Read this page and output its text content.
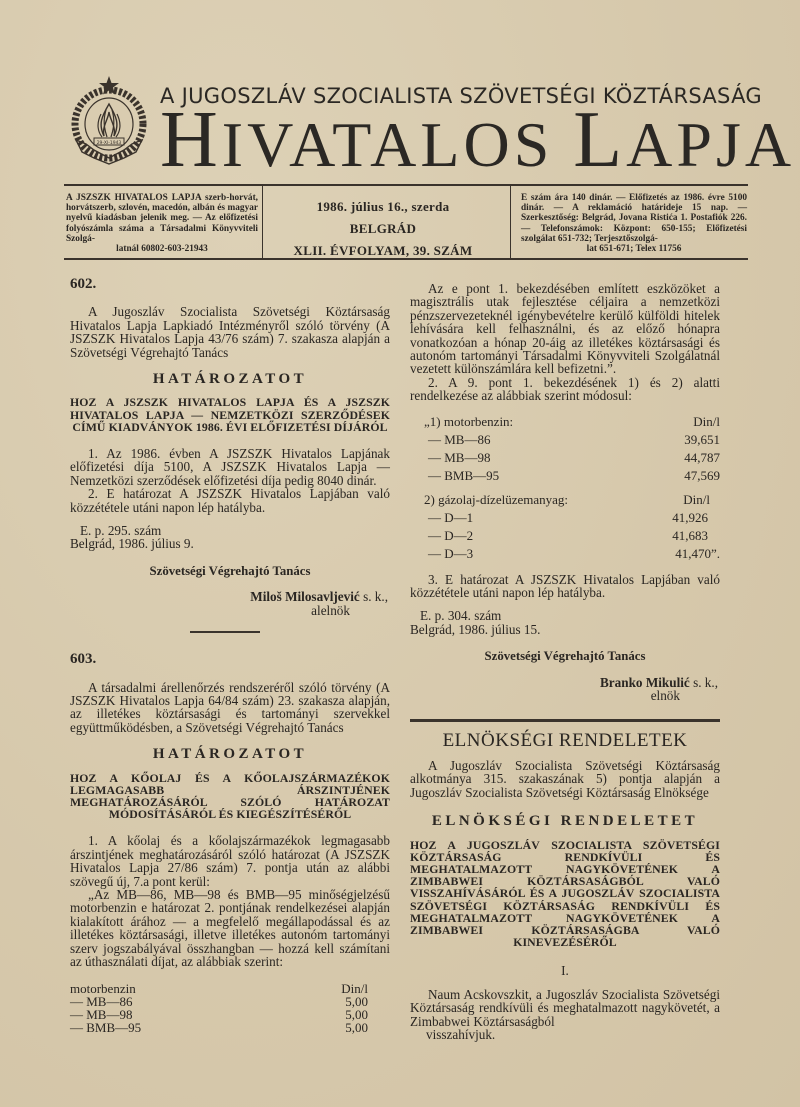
29-XI-1943
A JUGOSZLÁV SZOCIALISTA SZÖVETSÉGI KÖZTÁRSASÁG
HIVATALOS LAPJA
A JSZSZK HIVATALOS LAPJA szerb-horvát, horvátszerb, szlovén, macedón, albán és magyar nyelvű kiadásban jelenik meg. — Az előfizetési folyószámla száma a Társadalmi Könyvviteli Szolgá-
latnál 60802-603-21943
1986. július 16., szerda
BELGRÁD
XLII. ÉVFOLYAM, 39. SZÁM
E szám ára 140 dinár. — Előfizetés az 1986. évre 5100 dinár. — A reklamáció határideje 15 nap. — Szerkesztőség: Belgrád, Jovana Ristića 1. Postafiók 226. — Telefonszámok: Központ: 650-155; Előfizetési szolgálat 651-732; Terjesztőszolgá-
lat 651-671; Telex 11756
602.

A Jugoszláv Szocialista Szövetségi Köztársaság Hivatalos Lapja Lapkiadó Intézményről szóló törvény (A JSZSZK Hivatalos Lapja 43/76 szám) 7. szakasza alapján a Szövetségi Végrehajtó Tanács

HATÁROZATOT
HOZ A JSZSZK HIVATALOS LAPJA ÉS A JSZSZK HIVATALOS LAPJA — NEMZETKÖZI SZERZŐDÉSEK CÍMŰ KIADVÁNYOK 1986. ÉVI ELŐFIZETÉSI DÍJÁRÓL

1. Az 1986. évben A JSZSZK Hivatalos Lapjának előfizetési díja 5100, A JSZSZK Hivatalos Lapja — Nemzetközi szerződések előfizetési díja pedig 8040 dinár.

2. E határozat A JSZSZK Hivatalos Lapjában való közzététele utáni napon lép hatályba.

E. p. 295. szám

Belgrád, 1986. július 9.

Szövetségi Végrehajtó Tanács
Miloš Milosavljević s. k.,
alelnök
603.

A társadalmi árellenőrzés rendszeréről szóló törvény (A JSZSZK Hivatalos Lapja 64/84 szám) 23. szakasza alapján, az illetékes köztársasági és tartományi szervekkel együttműködésben, a Szövetségi Végrehajtó Tanács

HATÁROZATOT
HOZ A KŐOLAJ ÉS A KŐOLAJSZÁRMAZÉKOK LEGMAGASABB ÁRSZINTJÉNEK MEGHATÁROZÁSÁRÓL SZÓLÓ HATÁROZAT MÓDOSÍTÁSÁRÓL ÉS KIEGÉSZÍTÉSÉRŐL

1. A kőolaj és a kőolajszármazékok legmagasabb árszintjének meghatározásáról szóló határozat (A JSZSZK Hivatalos Lapja 27/86 szám) 7. pontja után az alábbi szövegű új, 7.a pont kerül:

„Az MB—86, MB—98 és BMB—95 minőségjelzésű motorbenzin e határozat 2. pontjának rendelkezései alapján kialakított árához — a megfelelő megállapodással és az illetékes köztársasági, illetve illetékes autonóm tartományi szerv jogszabályával összhangban — hozzá kell számítani az úthasználati díjat, az alábbiak szerint:

motorbenzin	Din/l
— MB—86	5,00
— MB—98	5,00
— BMB—95	5,00

Az e pont 1. bekezdésében említett eszközöket a magisztrális utak fejlesztése céljaira a nemzetközi pénzszervezeteknél igénybevételre kerülő külföldi hitelek lehívására kell felhasználni, és az előző hónapra vonatkozóan a hónap 20-áig az illetékes köztársasági és autonóm tartományi Társadalmi Könyvviteli Szolgálatnál vezetett különszámlára kell befizetni.”.

2. A 9. pont 1. bekezdésének 1) és 2) alatti rendelkezése az alábbiak szerint módosul:

„1) motorbenzin:	Din/l
— MB—86	39,651
— MB—98	44,787
— BMB—95	47,569
2) gázolaj-dízelüzemanyag:	Din/l
— D—1	41,926
— D—2	41,683
— D—3	41,470”.

3. E határozat A JSZSZK Hivatalos Lapjában való közzététele utáni napon lép hatályba.

E. p. 304. szám

Belgrád, 1986. július 15.

Szövetségi Végrehajtó Tanács
Branko Mikulić s. k.,
elnök
ELNÖKSÉGI RENDELETEK

A Jugoszláv Szocialista Szövetségi Köztársaság alkotmánya 315. szakaszának 5) pontja alapján a Jugoszláv Szocialista Szövetségi Köztársaság Elnöksége

ELNÖKSÉGI RENDELETET
HOZ A JUGOSZLÁV SZOCIALISTA SZÖVETSÉGI KÖZTÁRSASÁG RENDKÍVÜLI ÉS MEGHATALMAZOTT NAGYKÖVETÉNEK A ZIMBABWEI KÖZTÁRSASÁGBÓL VALÓ VISSZAHÍVÁSÁRÓL ÉS A JUGOSZLÁV SZOCIALISTA SZÖVETSÉGI KÖZTÁRSASÁG RENDKÍVÜLI ÉS MEGHATALMAZOTT NAGYKÖVETÉNEK A ZIMBABWEI KÖZTÁRSASÁGBA VALÓ KINEVEZÉSÉRŐL
I.

Naum Acskovszkit, a Jugoszláv Szocialista Szövetségi Köztársaság rendkívüli és meghatalmazott nagykövetét, a Zimbabwei Köztársaságból

visszahívjuk.
